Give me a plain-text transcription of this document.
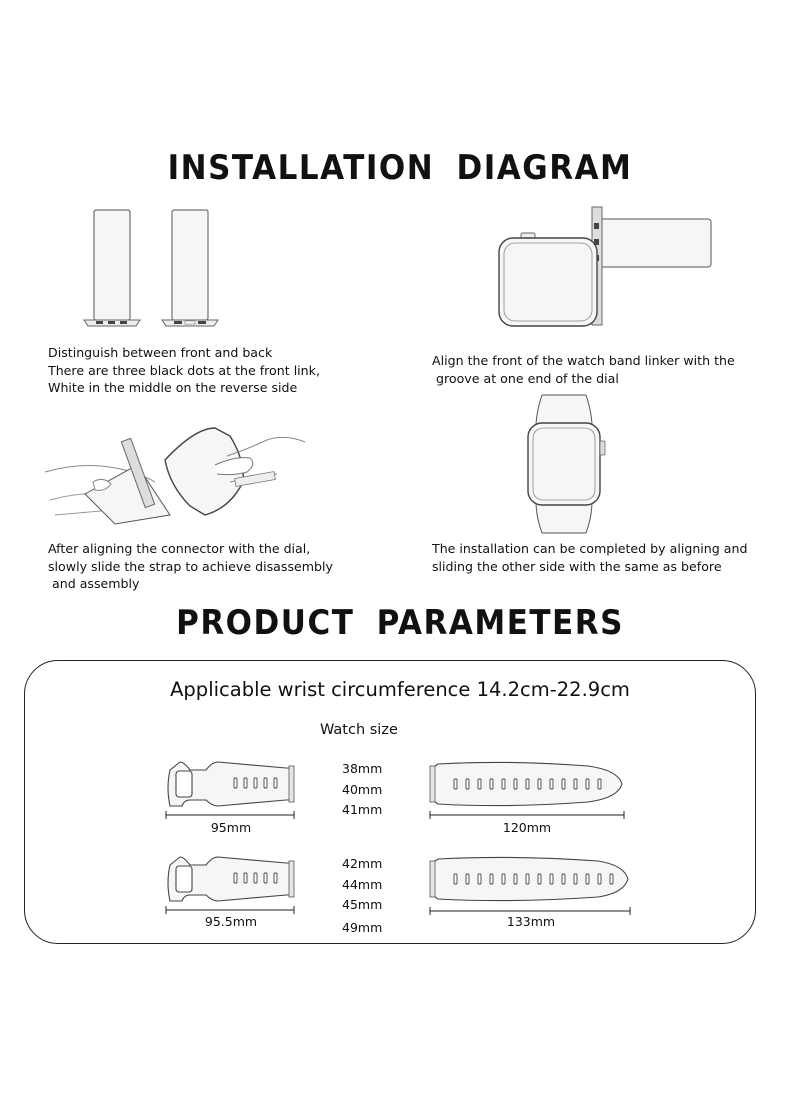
INSTALLATION DIAGRAM
Distinguish between front and back
There are three black dots at the front link,
White in the middle on the reverse side
Align the front of the watch band linker with the
groove at one end of the dial
After aligning the connector with the dial,
slowly slide the strap to achieve disassembly
and assembly
The installation can be completed by aligning and
sliding the other side with the same as before
PRODUCT PARAMETERS
Applicable wrist circumference 14.2cm-22.9cm
Watch size
95mm	120mm
38mm
40mm
41mm
95.5mm	133mm
42mm
44mm
45mm
49mm
